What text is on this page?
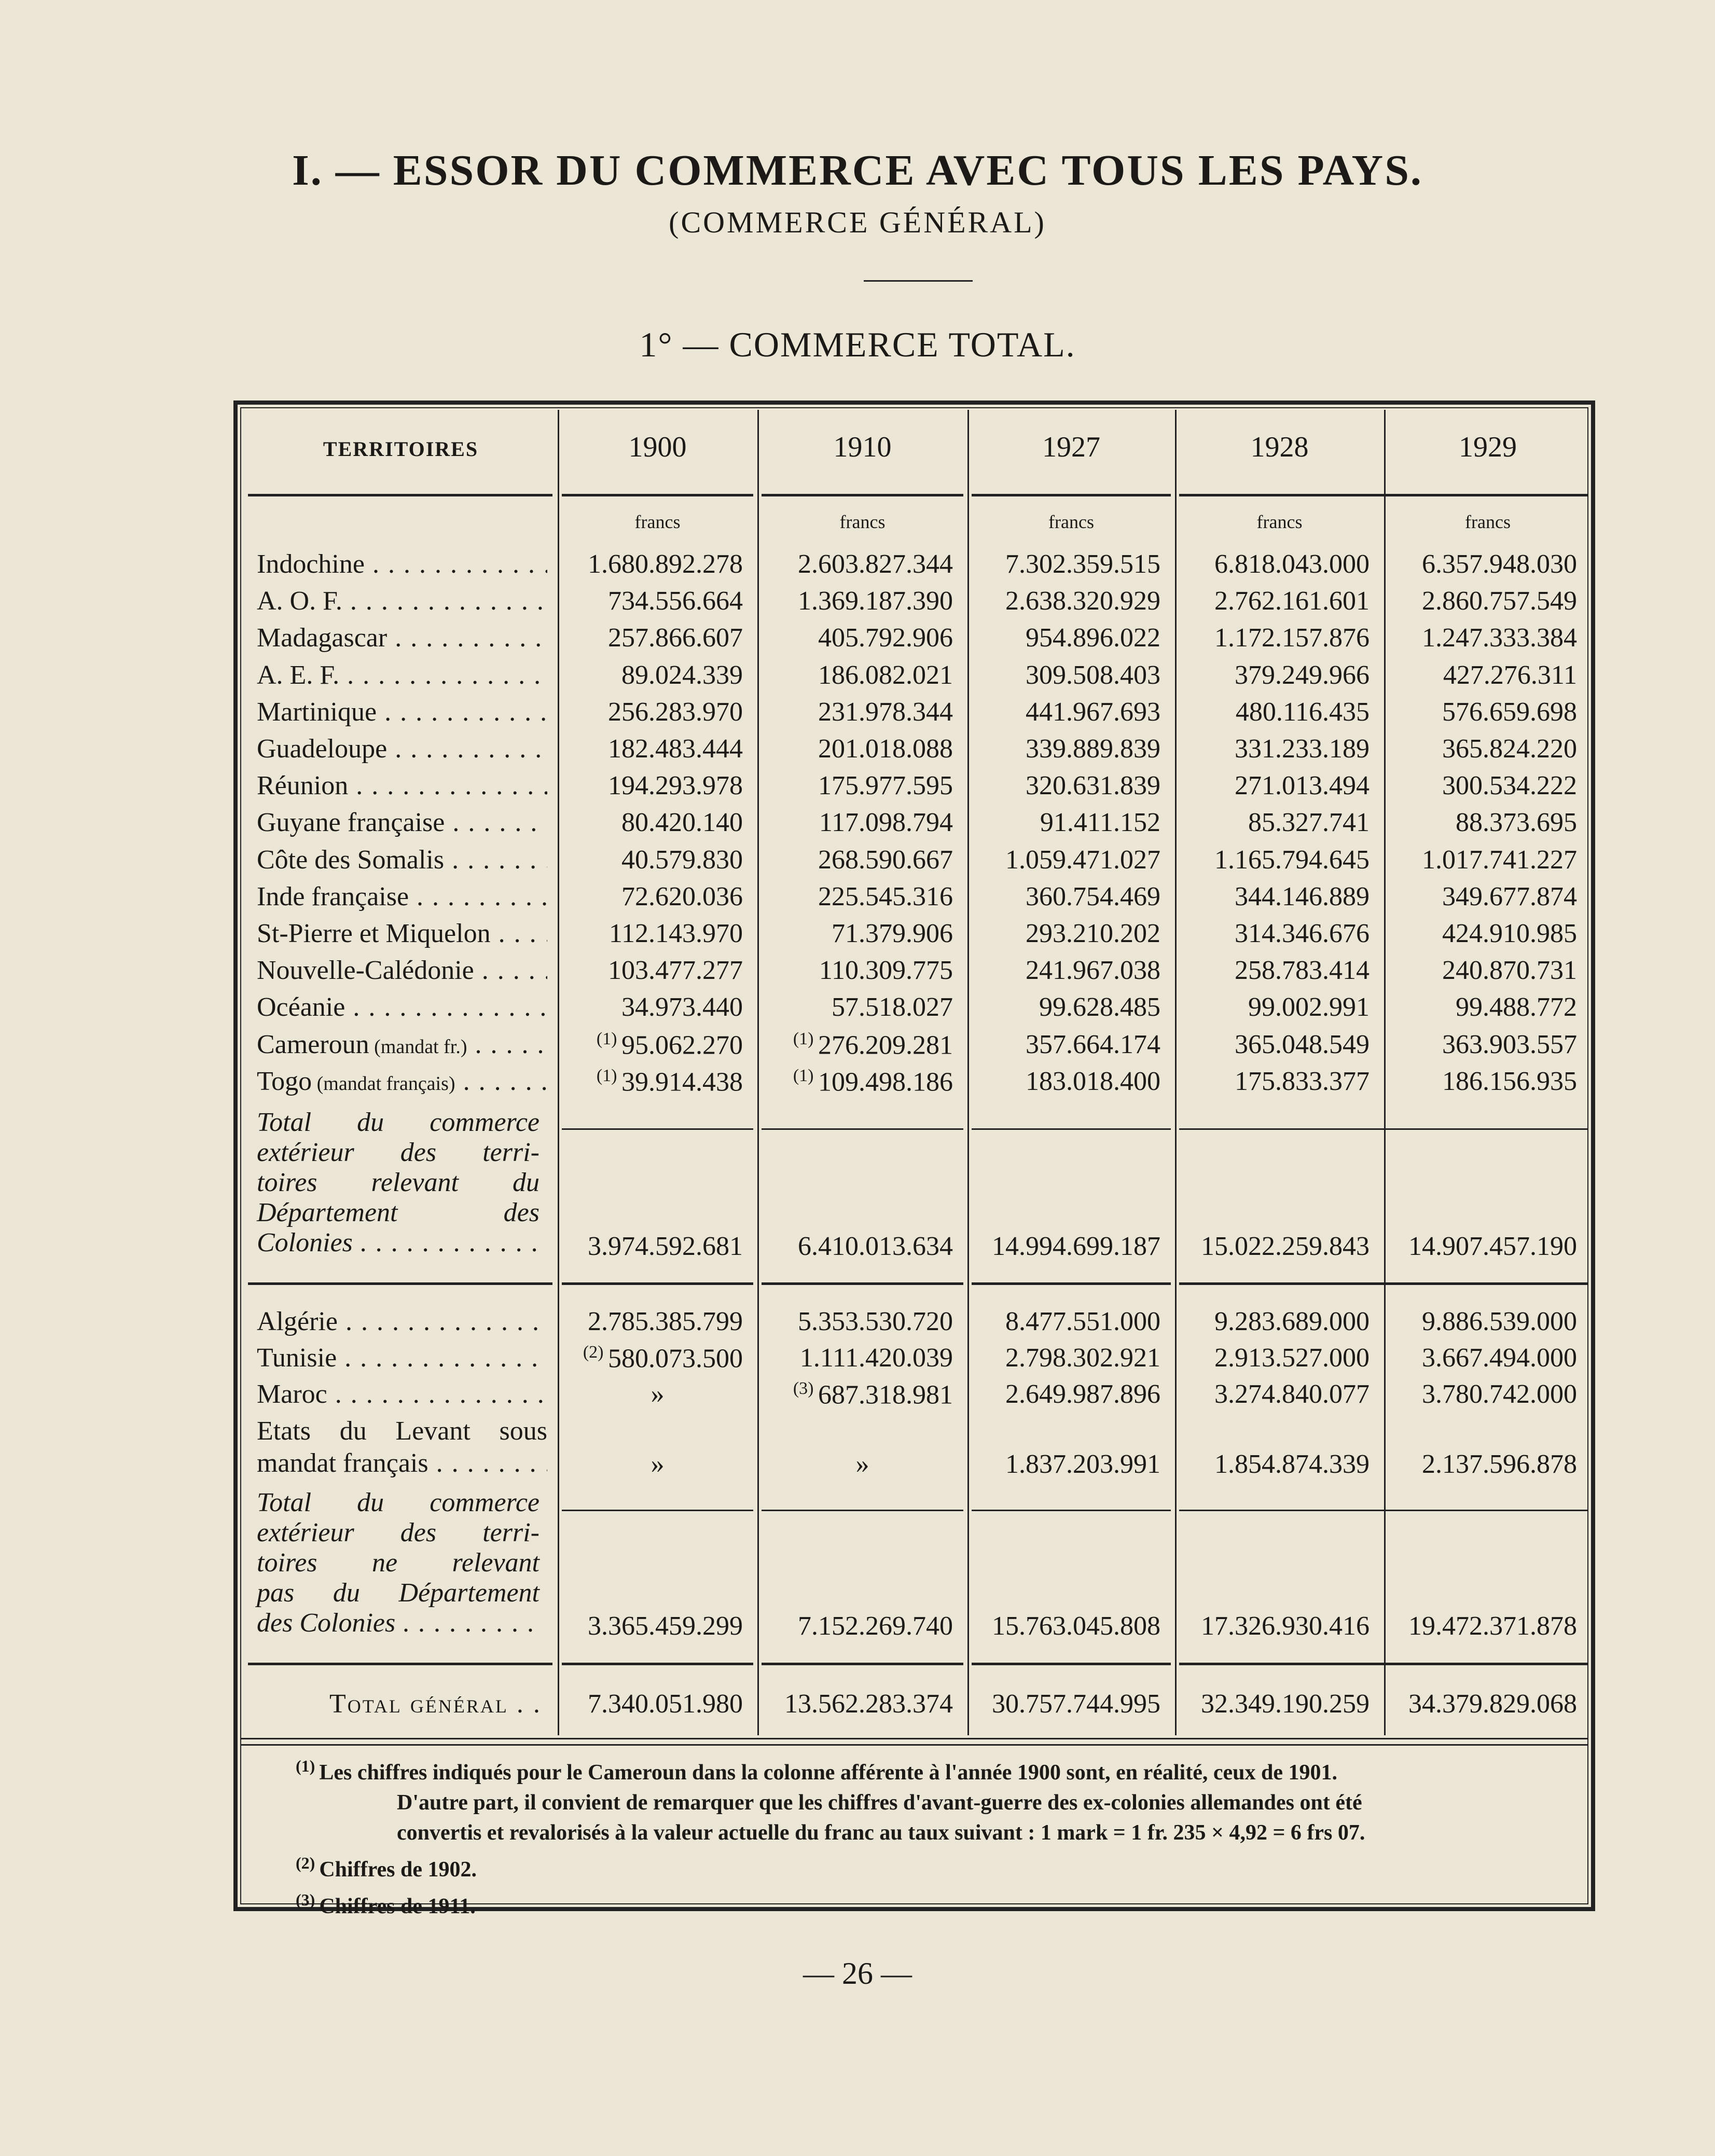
I. — ESSOR DU COMMERCE AVEC TOUS LES PAYS.
(COMMERCE GÉNÉRAL)
1° — COMMERCE TOTAL.
TERRITOIRES	1900	1910	1927	1928	1929
francs	francs	francs	francs	francs
Indochine . . .	1.680.892.278	2.603.827.344	7.302.359.515	6.818.043.000	6.357.948.030
A. O. F. . . .	734.556.664	1.369.187.390	2.638.320.929	2.762.161.601	2.860.757.549
Madagascar . . .	257.866.607	405.792.906	954.896.022	1.172.157.876	1.247.333.384
A. E. F. . . .	89.024.339	186.082.021	309.508.403	379.249.966	427.276.311
Martinique . . .	256.283.970	231.978.344	441.967.693	480.116.435	576.659.698
Guadeloupe . . .	182.483.444	201.018.088	339.889.839	331.233.189	365.824.220
Réunion . . .	194.293.978	175.977.595	320.631.839	271.013.494	300.534.222
Guyane française . . .	80.420.140	117.098.794	91.411.152	85.327.741	88.373.695
Côte des Somalis . . .	40.579.830	268.590.667	1.059.471.027	1.165.794.645	1.017.741.227
Inde française . . .	72.620.036	225.545.316	360.754.469	344.146.889	349.677.874
St-Pierre et Miquelon . . .	112.143.970	71.379.906	293.210.202	314.346.676	424.910.985
Nouvelle-Calédonie . . .	103.477.277	110.309.775	241.967.038	258.783.414	240.870.731
Océanie . . .	34.973.440	57.518.027	99.628.485	99.002.991	99.488.772
Cameroun (mandat fr.) . . .	$^{(1)}$ 95.062.270	$^{(1)}$ 276.209.281	357.664.174	365.048.549	363.903.557
Togo (mandat français) . . .	$^{(1)}$ 39.914.438	$^{(1)}$ 109.498.186	183.018.400	175.833.377	186.156.935
Total du commerce
extérieur des terri-
toires relevant du
Département des
Colonies . . .	3.974.592.681	6.410.013.634	14.994.699.187	15.022.259.843	14.907.457.190
Algérie . . .	2.785.385.799	5.353.530.720	8.477.551.000	9.283.689.000	9.886.539.000
Tunisie . . .	$^{(2)}$ 580.073.500	1.111.420.039	2.798.302.921	2.913.527.000	3.667.494.000
Maroc . . .	»	$^{(3)}$ 687.318.981	2.649.987.896	3.274.840.077	3.780.742.000
Etats du Levant sous
mandat français . . .	»	»	1.837.203.991	1.854.874.339	2.137.596.878
Total du commerce
extérieur des terri-
toires ne relevant
pas du Département
des Colonies . . .	3.365.459.299	7.152.269.740	15.763.045.808	17.326.930.416	19.472.371.878
Total général . .	7.340.051.980	13.562.283.374	30.757.744.995	32.349.190.259	34.379.829.068
$^{(1)}$ Les chiffres indiqués pour le Cameroun dans la colonne afférente à l'année 1900 sont, en réalité, ceux de 1901.
D'autre part, il convient de remarquer que les chiffres d'avant-guerre des ex-colonies allemandes ont été
convertis et revalorisés à la valeur actuelle du franc au taux suivant : 1 mark = 1 fr. 235 × 4,92 = 6 frs 07.
$^{(2)}$ Chiffres de 1902.
$^{(3)}$ Chiffres de 1911.
— 26 —
